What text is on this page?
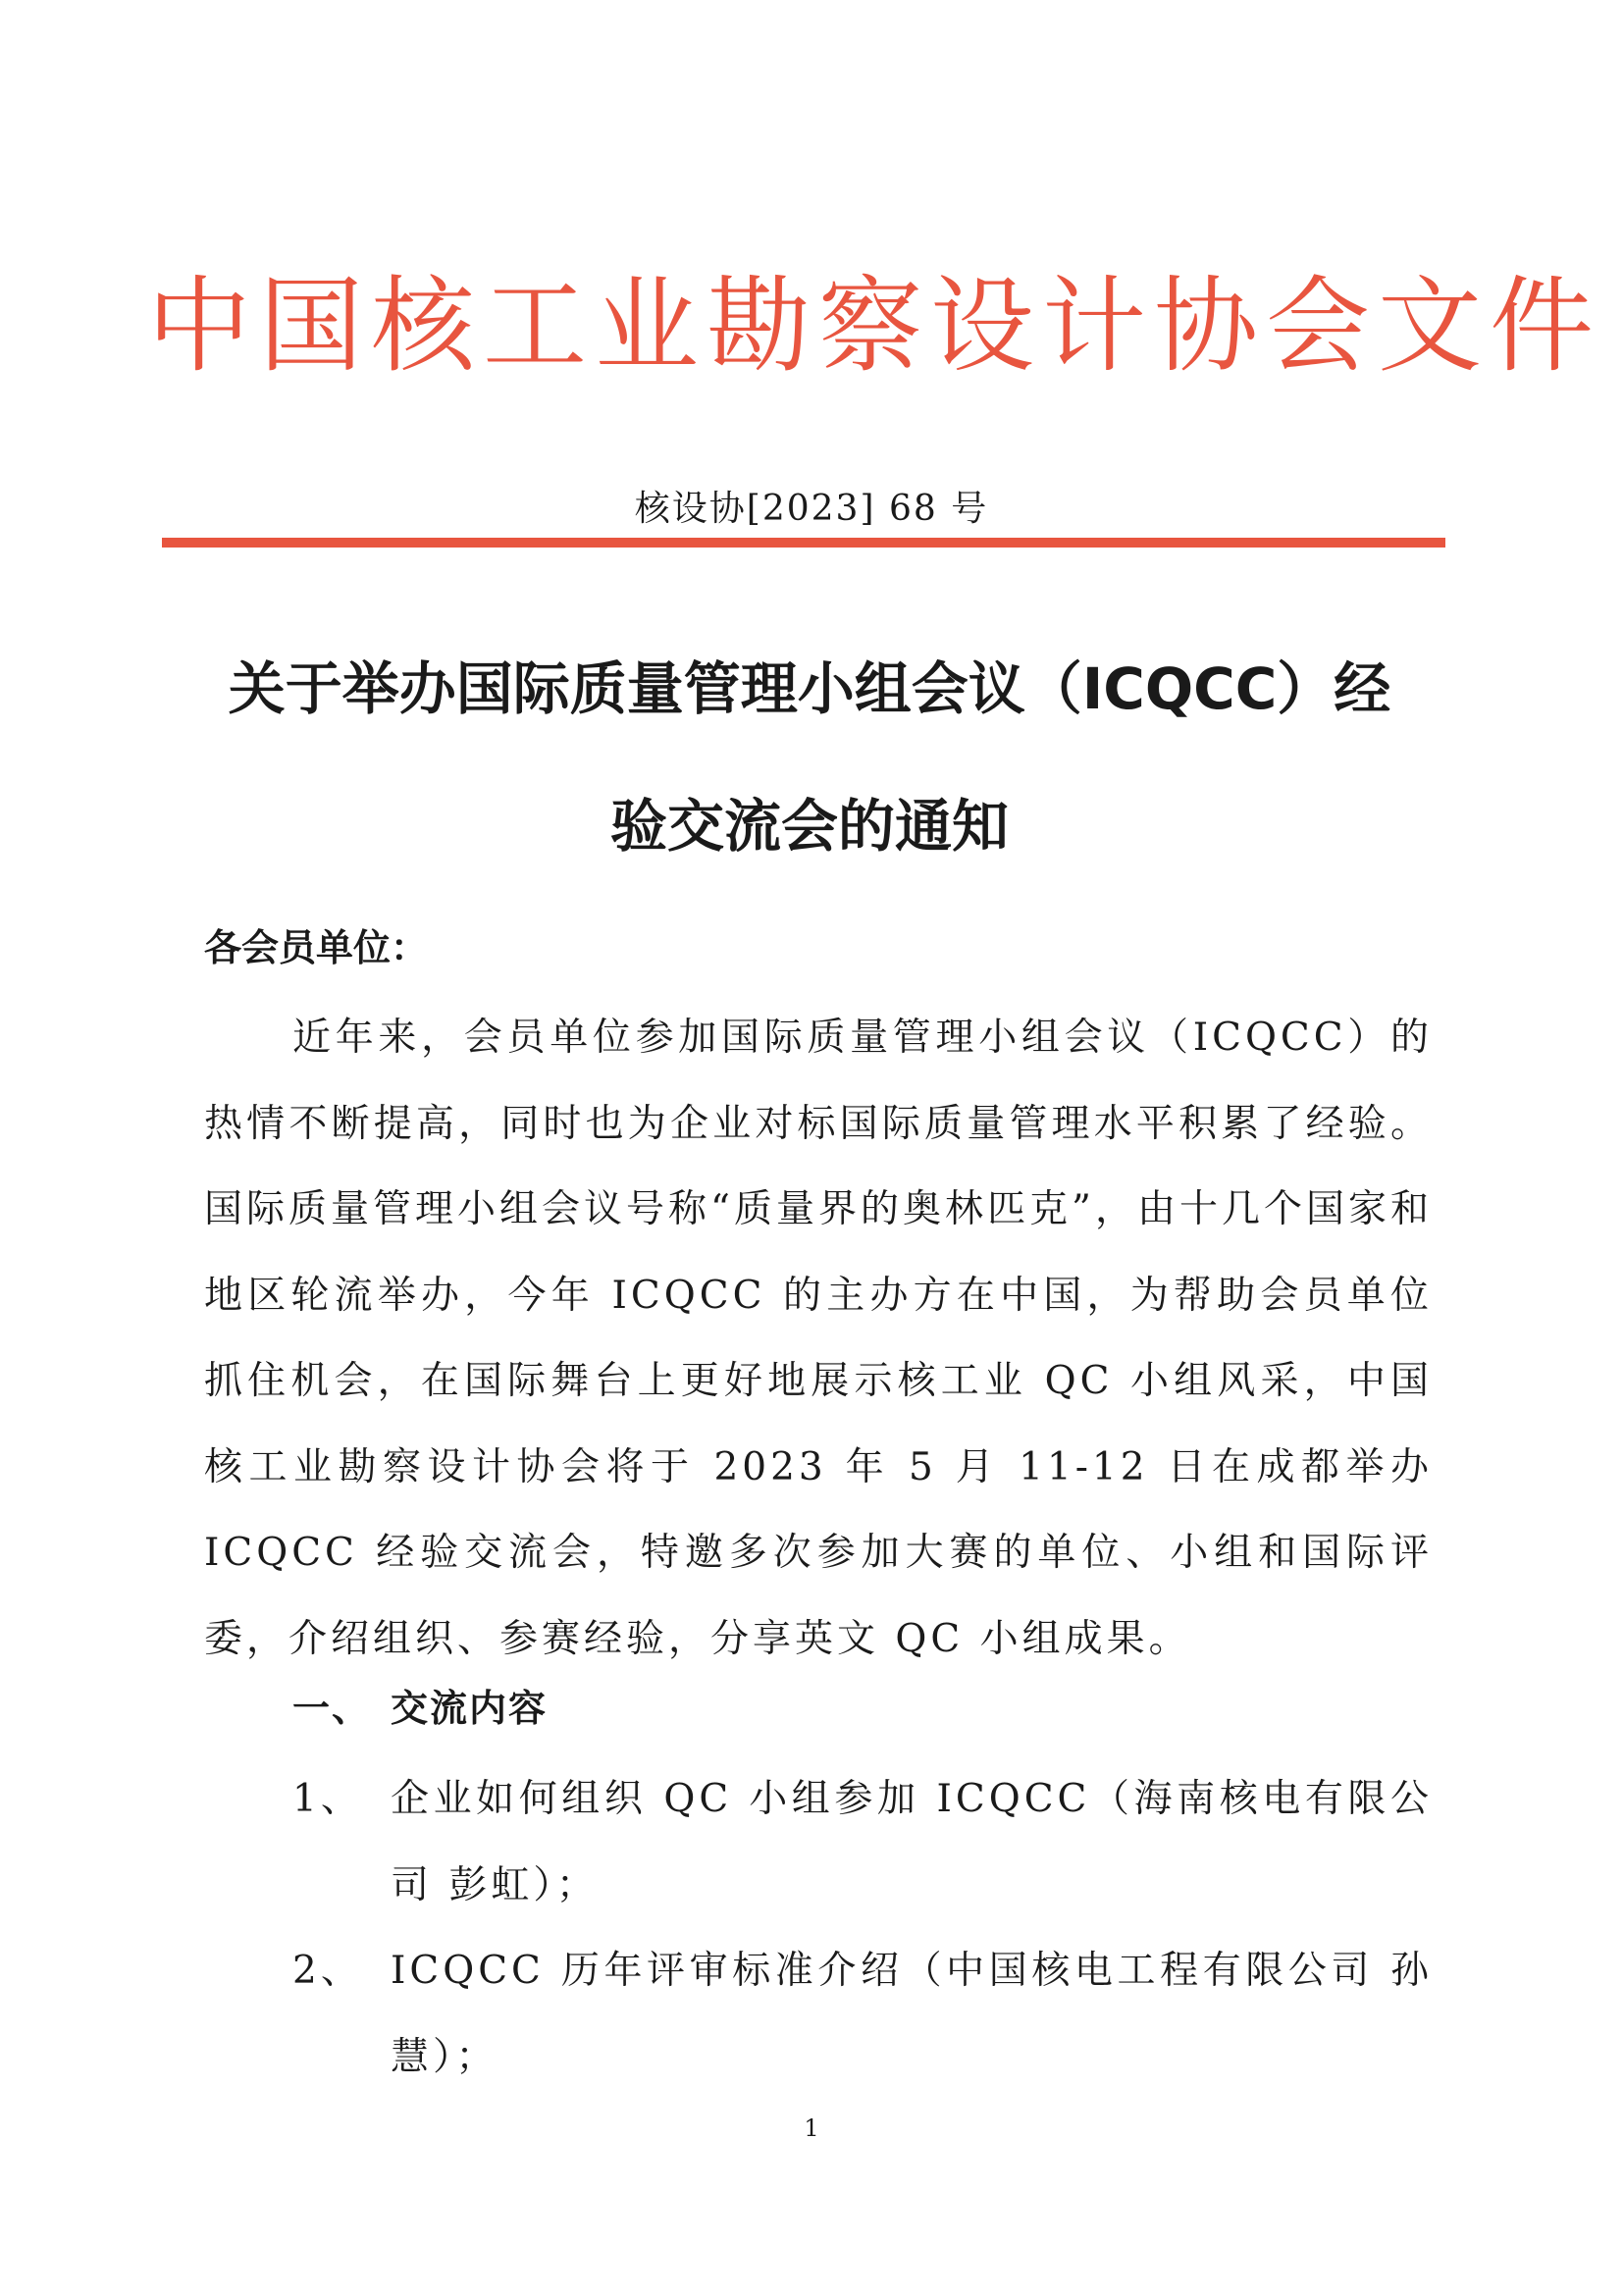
中国核工业勘察设计协会文件
核设协[2023] 68 号
关于举办国际质量管理小组会议（ICQCC）经
验交流会的通知
各会员单位：
近年来，会员单位参加国际质量管理小组会议（ICQCC）的热情不断提高，同时也为企业对标国际质量管理水平积累了经验。国际质量管理小组会议号称“质量界的奥林匹克”，由十几个国家和地区轮流举办，今年 ICQCC 的主办方在中国，为帮助会员单位抓住机会，在国际舞台上更好地展示核工业 QC 小组风采，中国核工业勘察设计协会将于 2023 年 5 月 11-12 日在成都举办 ICQCC 经验交流会，特邀多次参加大赛的单位、小组和国际评委，介绍组织、参赛经验，分享英文 QC 小组成果。
一、 交流内容
1、 企业如何组织 QC 小组参加 ICQCC（海南核电有限公司 彭虹）；
2、 ICQCC 历年评审标准介绍（中国核电工程有限公司 孙慧）；
1
